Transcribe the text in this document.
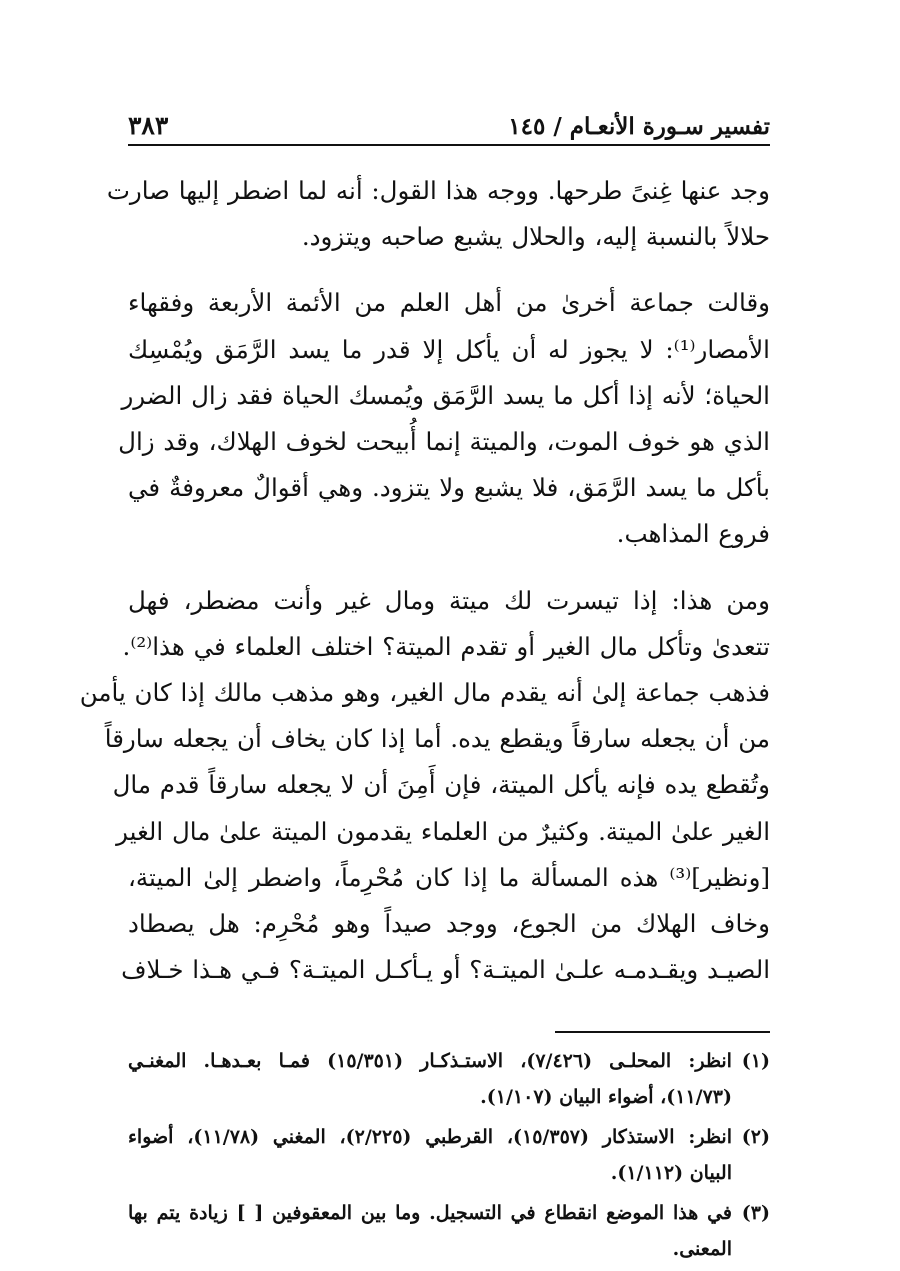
تفسير سـورة الأنعـام / ١٤٥
٣٨٣

وجد عنها غِنىً طرحها. ووجه هذا القول: أنه لما اضطر إليها صارت
حلالاً بالنسبة إليه، والحلال يشبع صاحبه ويتزود.

وقالت جماعة أخرىٰ من أهل العلم من الأئمة الأربعة وفقهاء
الأمصار⁽¹⁾: لا يجوز له أن يأكل إلا قدر ما يسد الرَّمَق ويُمْسِك
الحياة؛ لأنه إذا أكل ما يسد الرَّمَق ويُمسك الحياة فقد زال الضرر
الذي هو خوف الموت، والميتة إنما أُبيحت لخوف الهلاك، وقد زال
بأكل ما يسد الرَّمَق، فلا يشبع ولا يتزود. وهي أقوالٌ معروفةٌ في
فروع المذاهب.

ومن هذا: إذا تيسرت لك ميتة ومال غير وأنت مضطر، فهل
تتعدىٰ وتأكل مال الغير أو تقدم الميتة؟ اختلف العلماء في هذا⁽²⁾.
فذهب جماعة إلىٰ أنه يقدم مال الغير، وهو مذهب مالك إذا كان يأمن
من أن يجعله سارقاً ويقطع يده. أما إذا كان يخاف أن يجعله سارقاً
وتُقطع يده فإنه يأكل الميتة، فإن أَمِنَ أن لا يجعله سارقاً قدم مال
الغير علىٰ الميتة. وكثيرٌ من العلماء يقدمون الميتة علىٰ مال الغير
[ونظير]⁽³⁾ هذه المسألة ما إذا كان مُحْرِماً، واضطر إلىٰ الميتة،
وخاف الهلاك من الجوع، ووجد صيداً وهو مُحْرِم: هل يصطاد
الصيـد ويقـدمـه علـىٰ الميتـة؟ أو يـأكـل الميتـة؟ فـي هـذا خـلاف

(١)
انظر: المحلـى (٧/٤٢٦)، الاستـذكـار (١٥/٣٥١) فمـا بعـدهـا. المغنـي
(١١/٧٣)، أضواء البيان (١/١٠٧).
(٢)
انظر: الاستذكار (١٥/٣٥٧)، القرطبي (٢/٢٢٥)، المغني (١١/٧٨)، أضواء
البيان (١/١١٢).
(٣)
في هذا الموضع انقطاع في التسجيل. وما بين المعقوفين [ ] زيادة يتم بها
المعنى.
